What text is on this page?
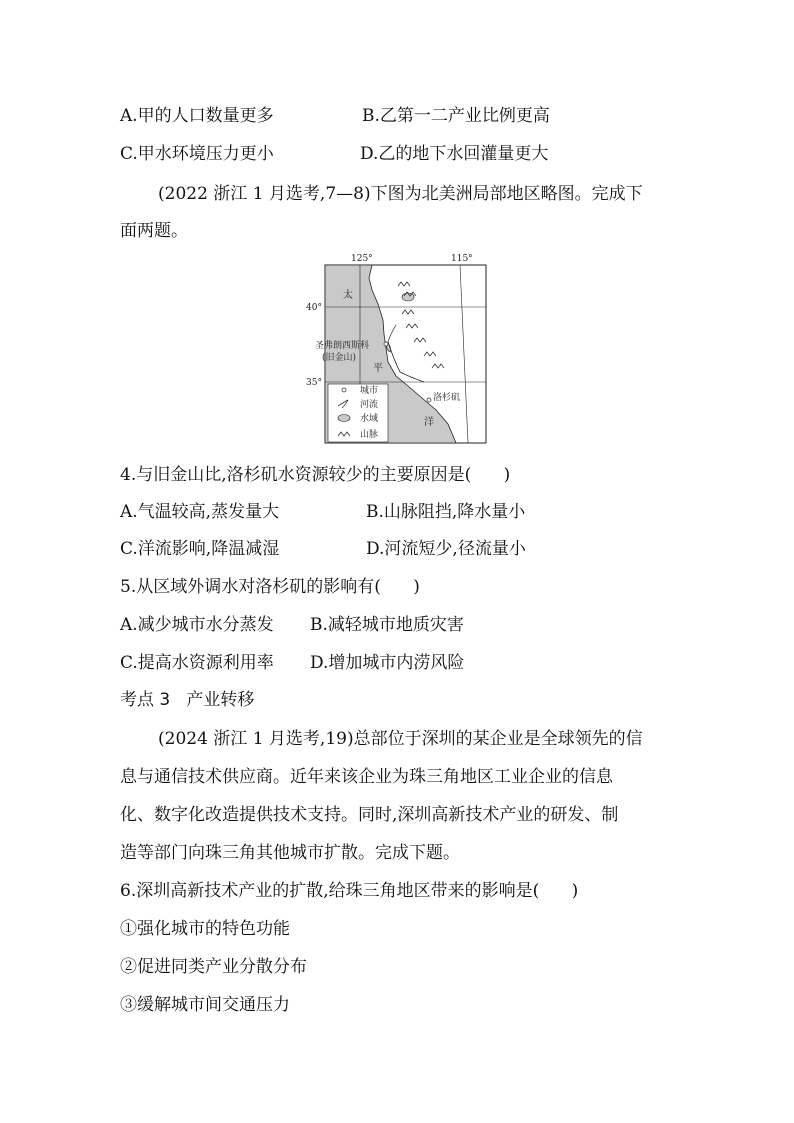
A.甲的人口数量更多	B.乙第一二产业比例更高
C.甲水环境压力更小	D.乙的地下水回灌量更大
(2022 浙江 1 月选考,7—8)下图为北美洲局部地区略图。完成下
面两题。
125°	115°
40°
35°
太
平
洋
圣弗朗西斯科
(旧金山)
洛杉矶
城市
河流
水域
山脉
4.与旧金山比,洛杉矶水资源较少的主要原因是(      )
A.气温较高,蒸发量大	B.山脉阻挡,降水量小
C.洋流影响,降温减湿	D.河流短少,径流量小
5.从区域外调水对洛杉矶的影响有(      )
A.减少城市水分蒸发 B.减轻城市地质灾害
C.提高水资源利用率 D.增加城市内涝风险
考点 3   产业转移
(2024 浙江 1 月选考,19)总部位于深圳的某企业是全球领先的信
息与通信技术供应商。近年来该企业为珠三角地区工业企业的信息
化、数字化改造提供技术支持。同时,深圳高新技术产业的研发、制
造等部门向珠三角其他城市扩散。完成下题。
6.深圳高新技术产业的扩散,给珠三角地区带来的影响是(      )
①强化城市的特色功能
②促进同类产业分散分布
③缓解城市间交通压力
